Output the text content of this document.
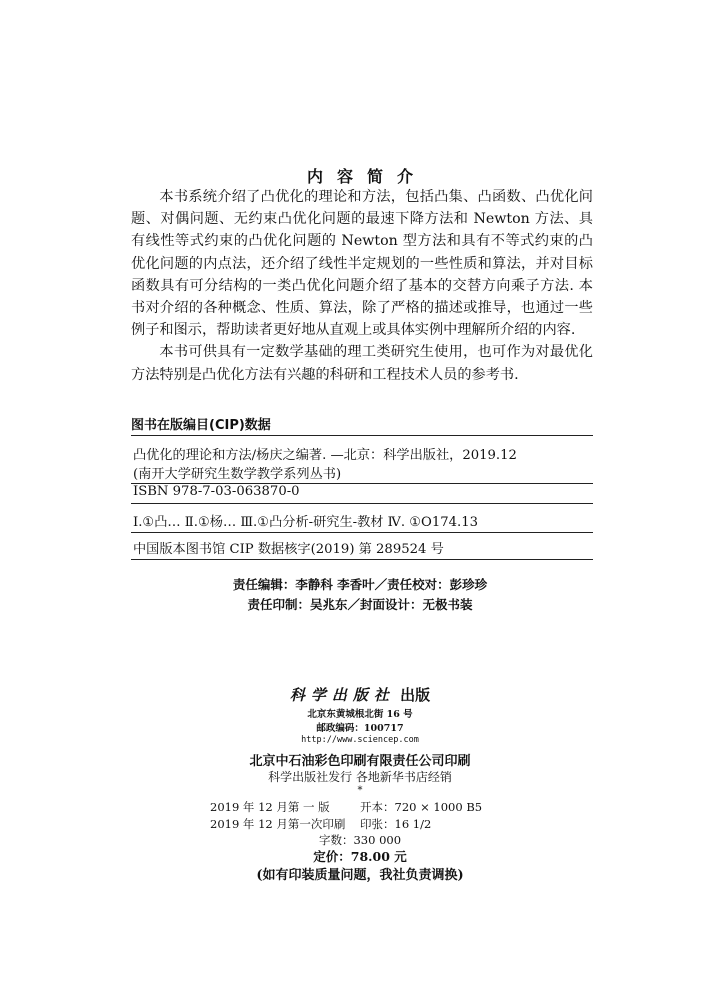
内容简介

本书系统介绍了凸优化的理论和方法，包括凸集、凸函数、凸优化问题、对偶问题、无约束凸优化问题的最速下降方法和 Newton 方法、具有线性等式约束的凸优化问题的 Newton 型方法和具有不等式约束的凸优化问题的内点法，还介绍了线性半定规划的一些性质和算法，并对目标函数具有可分结构的一类凸优化问题介绍了基本的交替方向乘子方法. 本书对介绍的各种概念、性质、算法，除了严格的描述或推导，也通过一些例子和图示，帮助读者更好地从直观上或具体实例中理解所介绍的内容.

本书可供具有一定数学基础的理工类研究生使用，也可作为对最优化方法特别是凸优化方法有兴趣的科研和工程技术人员的参考书.

图书在版编目(CIP)数据
凸优化的理论和方法/杨庆之编著. —北京：科学出版社，2019.12
(南开大学研究生数学教学系列丛书)
ISBN 978-7-03-063870-0
Ⅰ.①凸… Ⅱ.①杨… Ⅲ.①凸分析-研究生-教材 Ⅳ. ①O174.13
中国版本图书馆 CIP 数据核字(2019) 第 289524 号
责任编辑：李静科 李香叶／责任校对：彭珍珍
责任印制：吴兆东／封面设计：无极书装
科学出版社 出版
北京东黄城根北街 16 号
邮政编码：100717
http://www.sciencep.com
北京中石油彩色印刷有限责任公司印刷
科学出版社发行 各地新华书店经销
*
2019 年 12 月第 一 版	开本：720 × 1000 B5
2019 年 12 月第一次印刷 印张：16 1/2
字数：330 000
定价：78.00 元
(如有印装质量问题，我社负责调换)
